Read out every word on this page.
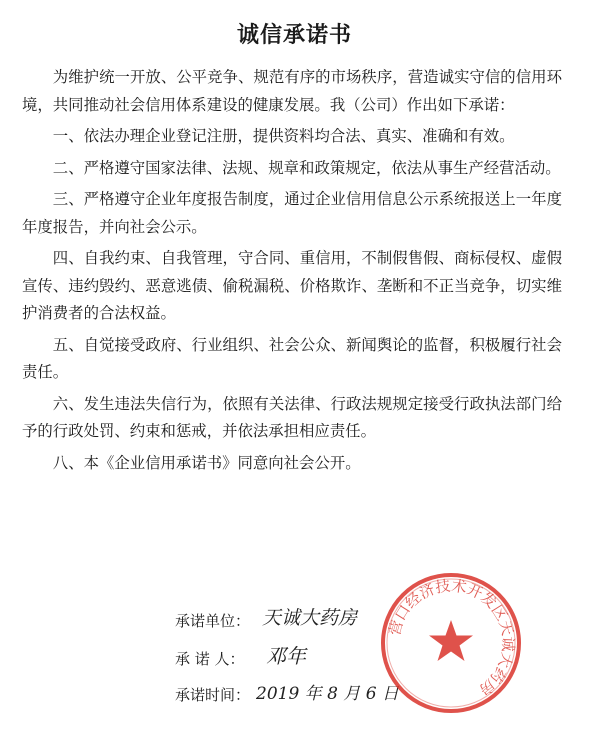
诚信承诺书

为维护统一开放、公平竞争、规范有序的市场秩序，营造诚实守信的信用环境，共同推动社会信用体系建设的健康发展。我（公司）作出如下承诺：

一、依法办理企业登记注册，提供资料均合法、真实、准确和有效。

二、严格遵守国家法律、法规、规章和政策规定，依法从事生产经营活动。

三、严格遵守企业年度报告制度，通过企业信用信息公示系统报送上一年度年度报告，并向社会公示。

四、自我约束、自我管理，守合同、重信用，不制假售假、商标侵权、虚假宣传、违约毁约、恶意逃债、偷税漏税、价格欺诈、垄断和不正当竞争，切实维护消费者的合法权益。

五、自觉接受政府、行业组织、社会公众、新闻舆论的监督，积极履行社会责任。

六、发生违法失信行为，依照有关法律、行政法规规定接受行政执法部门给予的行政处罚、约束和惩戒，并依法承担相应责任。

八、本《企业信用承诺书》同意向社会公开。

承诺单位： 天诚大药房
承 诺 人：	邓年
承诺时间： 2019 年 8 月 6 日
营口经济技术开发区天诚大药房
